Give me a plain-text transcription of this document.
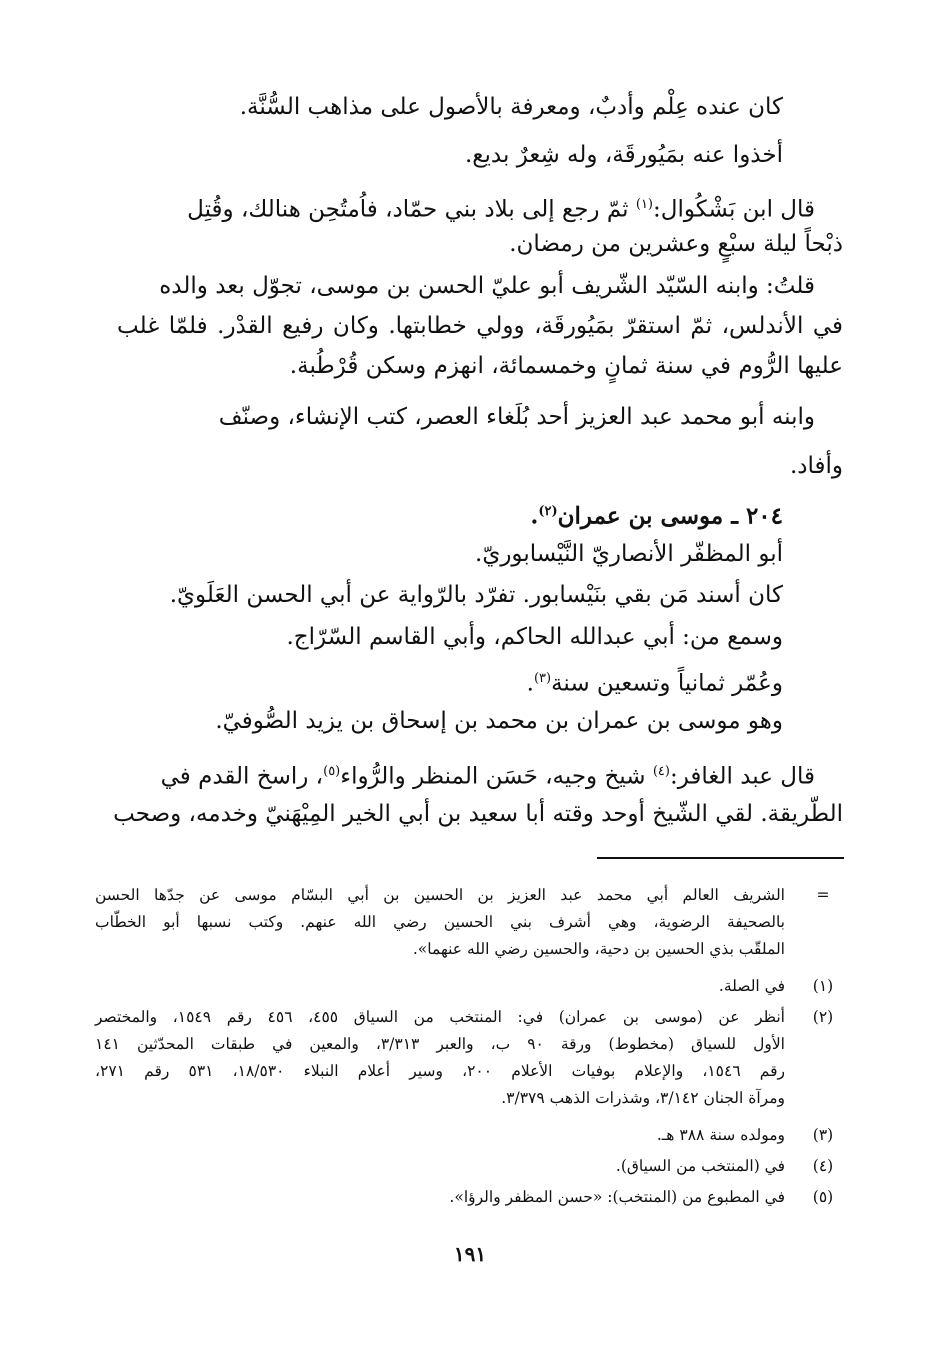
كان عنده عِلْم وأدبٌ، ومعرفة بالأصول على مذاهب السُّنَّة.
أخذوا عنه بمَيُورقَة، وله شِعرٌ بديع.
قال ابن بَشْكُوال:$^{(١)}$ ثمّ رجع إلى بلاد بني حمّاد، فاُمتُحِن هنالك، وقُتِل
ذبْحاً ليلة سبْعٍ وعشرين من رمضان.
قلتُ: وابنه السّيّد الشّريف أبو عليّ الحسن بن موسى، تجوّل بعد والده
في الأندلس، ثمّ استقرّ بمَيُورقَة، وولي خطابتها. وكان رفيع القدْر. فلمّا غلب
عليها الرُّوم في سنة ثمانٍ وخمسمائة، انهزم وسكن قُرْطُبة.
وابنه أبو محمد عبد العزيز أحد بُلَغاء العصر، كتب الإنشاء، وصنّف
وأفاد.
٢٠٤ ـ موسى بن عمران$^{(٢)}$.
أبو المظفّر الأنصاريّ النَّيْسابوريّ.
كان أسند مَن بقي بنَيْسابور. تفرّد بالرّواية عن أبي الحسن العَلَويّ.
وسمع من: أبي عبدالله الحاكم، وأبي القاسم السّرّاج.
وعُمّر ثمانياً وتسعين سنة$^{(٣)}$.
وهو موسى بن عمران بن محمد بن إسحاق بن يزيد الصُّوفيّ.
قال عبد الغافر:$^{(٤)}$ شيخ وجيه، حَسَن المنظر والرُّواء$^{(٥)}$، راسخ القدم في
الطّريقة. لقي الشّيخ أوحد وقته أبا سعيد بن أبي الخير المِيْهَنيّ وخدمه، وصحب
=
الشريف العالم أبي محمد عبد العزيز بن الحسين بن أبي البسّام موسى عن جدّها الحسن
بالصحيفة الرضوية، وهي أشرف بني الحسين رضي الله عنهم. وكتب نسبها أبو الخطّاب
الملقّب بذي الحسين بن دحية، والحسين رضي الله عنهما».
(١)
في الصلة.
(٢)
أنظر عن (موسى بن عمران) في: المنتخب من السياق ٤٥٥، ٤٥٦ رقم ١٥٤٩، والمختصر
الأول للسياق (مخطوط) ورقة ٩٠ ب، والعبر ٣/٣١٣، والمعين في طبقات المحدّثين ١٤١
رقم ١٥٤٦، والإعلام بوفيات الأعلام ٢٠٠، وسير أعلام النبلاء ١٨/٥٣٠، ٥٣١ رقم ٢٧١،
ومرآة الجنان ٣/١٤٢، وشذرات الذهب ٣/٣٧٩.
(٣)
ومولده سنة ٣٨٨ هـ.
(٤)
في (المنتخب من السياق).
(٥)
في المطبوع من (المنتخب): «حسن المظفر والرؤا».
١٩١
